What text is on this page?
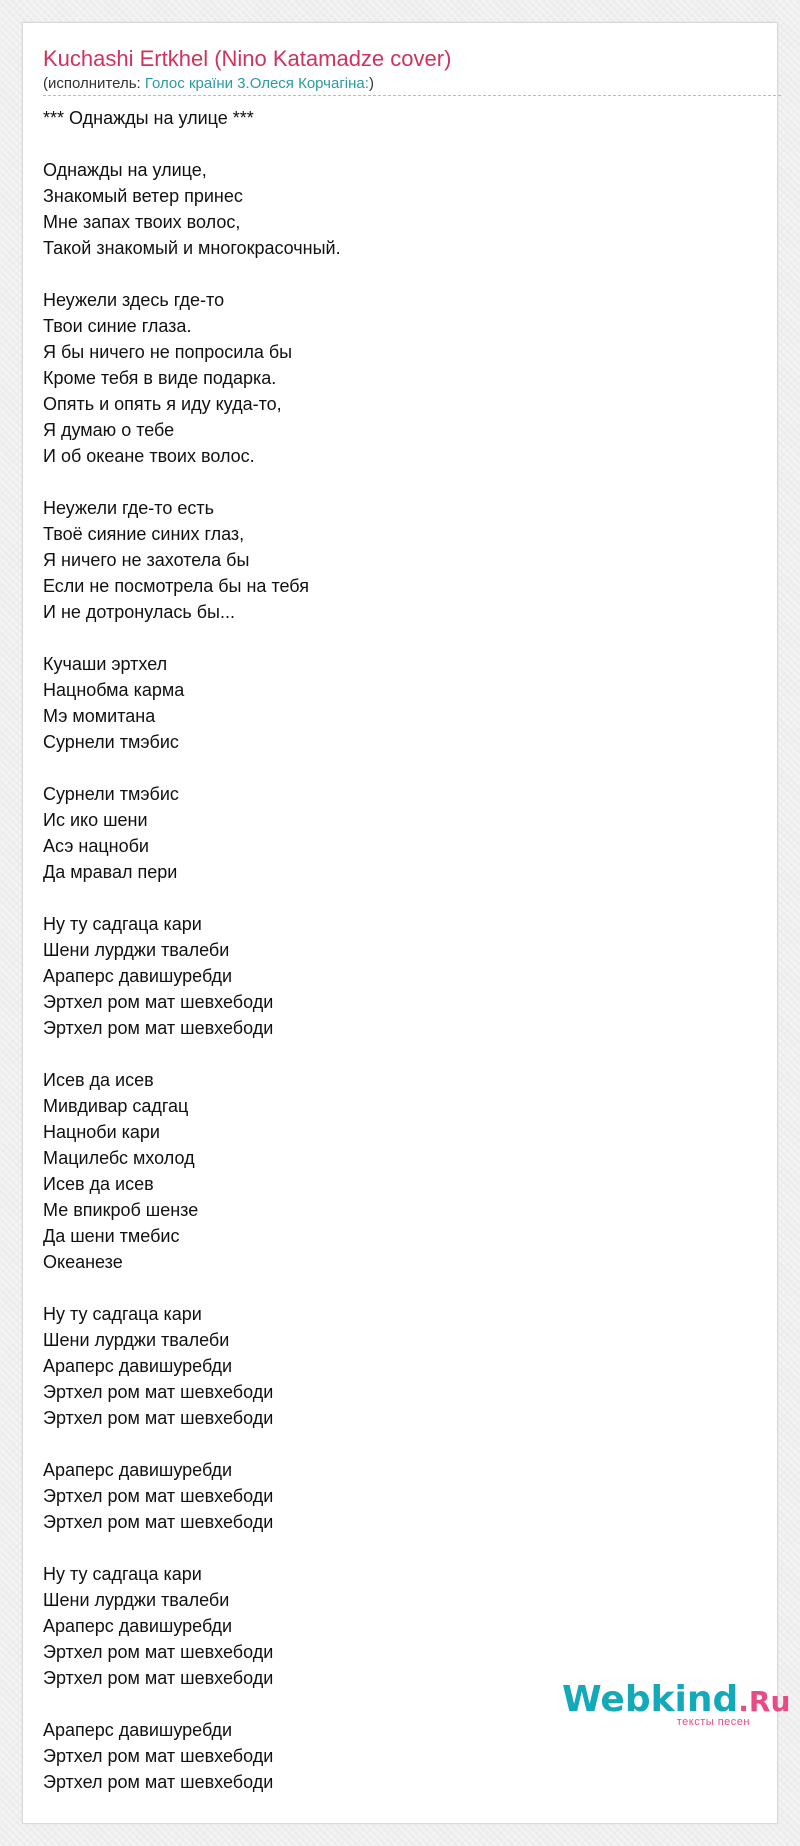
Kuchashi Ertkhel (Nino Katamadze cover)
(исполнитель: Голос країни 3.Олеся Корчагіна:)
*** Однажды на улице ***
Однажды на улице,
Знакомый ветер принес
Мне запах твоих волос,
Такой знакомый и многокрасочный.
Неужели здесь где-то
Твои синие глаза.
Я бы ничего не попросила бы
Кроме тебя в виде подарка.
Опять и опять я иду куда-то,
Я думаю о тебе
И об океане твоих волос.
Неужели где-то есть
Твоё сияние синих глаз,
Я ничего не захотела бы
Если не посмотрела бы на тебя
И не дотронулась бы...
Кучаши эртхел
Нацнобма карма
Мэ момитана
Сурнели тмэбис
Сурнели тмэбис
Ис ико шени
Асэ нацноби
Да мравал пери
Ну ту садгаца кари
Шени лурджи твалеби
Араперс давишуребди
Эртхел ром мат шевхебоди
Эртхел ром мат шевхебоди
Исев да исев
Мивдивар садгац
Нацноби кари
Мацилебс мхолод
Исев да исев
Ме впикроб шензе
Да шени тмебис
Океанезе
Ну ту садгаца кари
Шени лурджи твалеби
Араперс давишуребди
Эртхел ром мат шевхебоди
Эртхел ром мат шевхебоди
Араперс давишуребди
Эртхел ром мат шевхебоди
Эртхел ром мат шевхебоди
Ну ту садгаца кари
Шени лурджи твалеби
Араперс давишуребди
Эртхел ром мат шевхебоди
Эртхел ром мат шевхебоди
Араперс давишуребди
Эртхел ром мат шевхебоди
Эртхел ром мат шевхебоди
Webkind.Ru
тексты песен
